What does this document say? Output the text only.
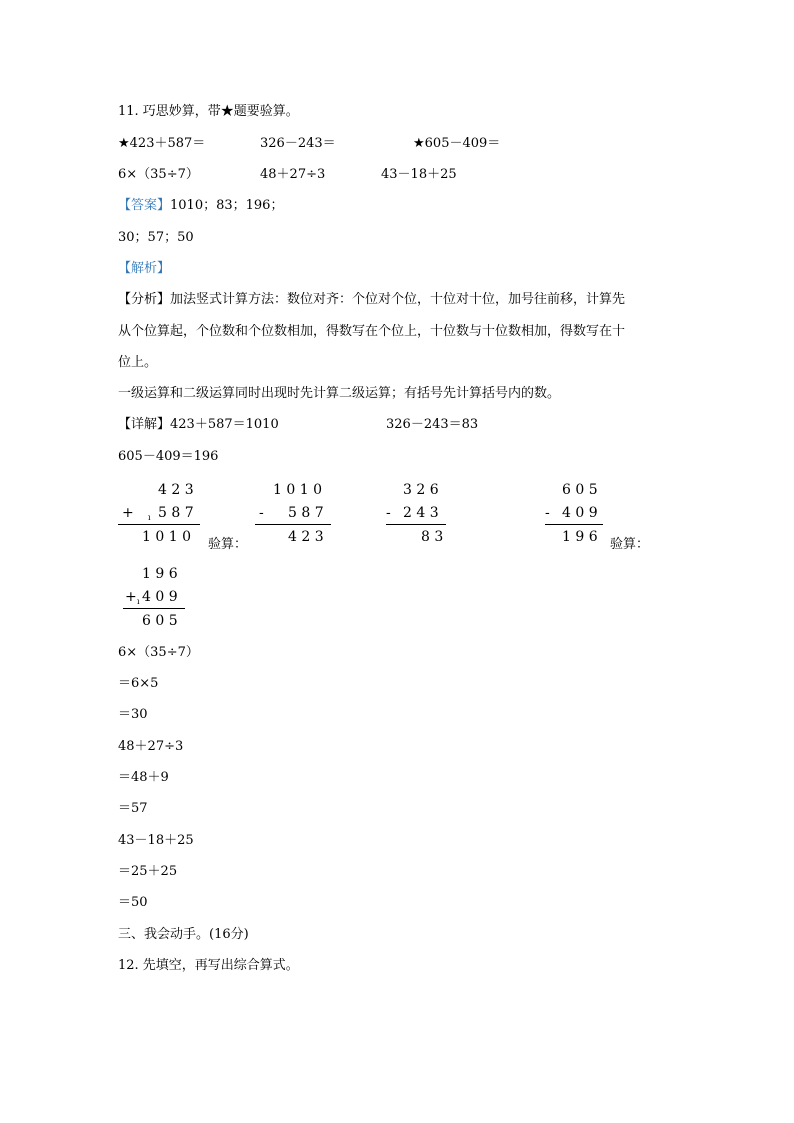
11. 巧思妙算，带★题要验算。
★423＋587＝	326－243＝	★605－409＝
6×（35÷7）	48＋27÷3	43－18＋25
【答案】1010；83；196；
30；57；50
【解析】
【分析】加法竖式计算方法：数位对齐：个位对个位，十位对十位，加号往前移，计算先
从个位算起，个位数和个位数相加，得数写在个位上，十位数与十位数相加，得数写在十
位上。
一级运算和二级运算同时出现时先计算二级运算；有括号先计算括号内的数。
【详解】423＋587＝1010	326－243＝83
605－409＝196
4 2 3
+ ı 5 8 7
1 0 1 0 验算：
1 0 1 0
- 5 8 7
4 2 3
3 2 6
- 2 4 3
8 3
6 0 5
- 4 0 9
1 9 6 验算：
1 9 6
+ ı 4 0 9
6 0 5
6×（35÷7）
＝6×5
＝30
48＋27÷3
＝48＋9
＝57
43－18＋25
＝25＋25
＝50
三、我会动手。(16分)
12. 先填空，再写出综合算式。
